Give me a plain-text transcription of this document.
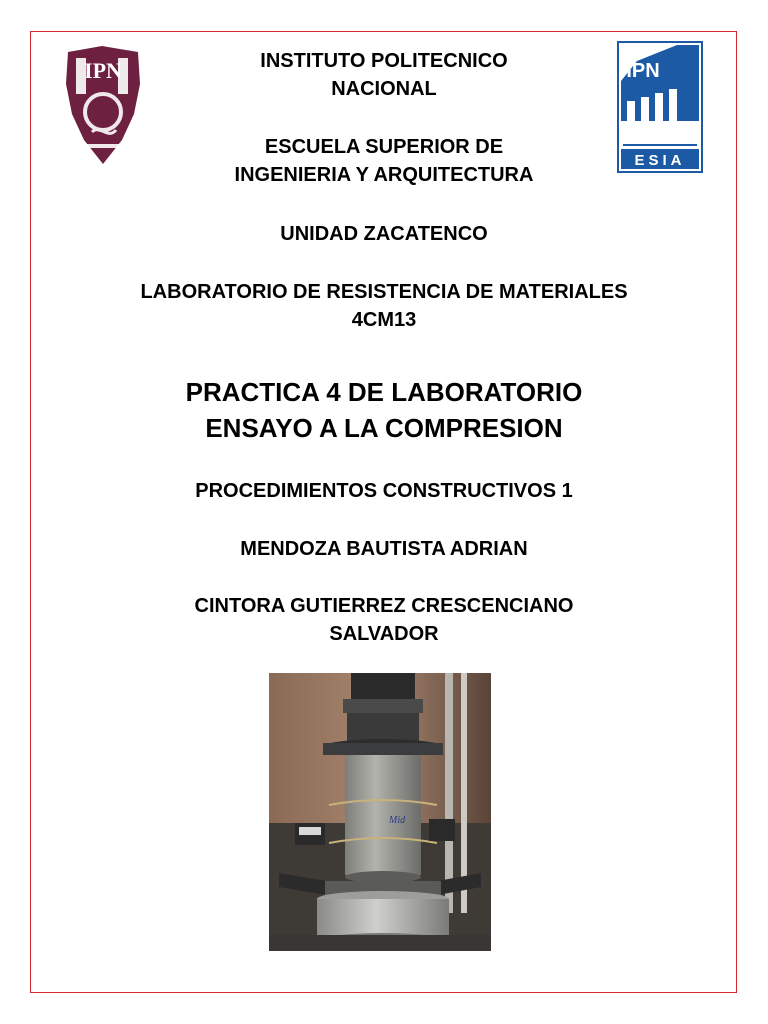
IPN	IPN
ESIA
INSTITUTO POLITECNICO
NACIONAL
ESCUELA SUPERIOR DE
INGENIERIA Y ARQUITECTURA
UNIDAD ZACATENCO
LABORATORIO DE RESISTENCIA DE MATERIALES
4CM13
PRACTICA 4 DE LABORATORIO
ENSAYO A LA COMPRESION
PROCEDIMIENTOS CONSTRUCTIVOS 1
MENDOZA BAUTISTA ADRIAN
CINTORA GUTIERREZ CRESCENCIANO
SALVADOR
Mid
